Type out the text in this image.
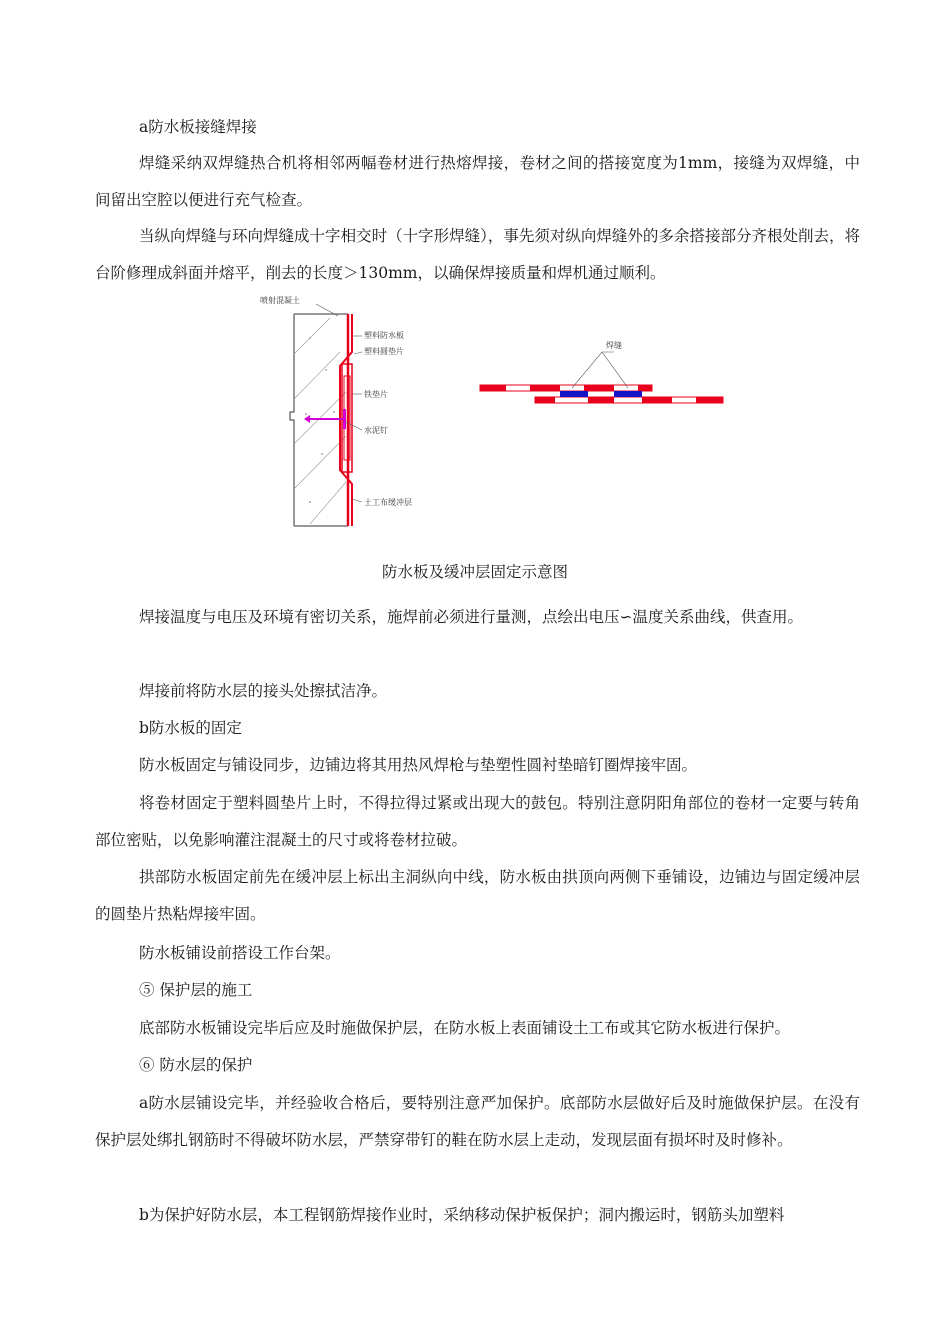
a防水板接缝焊接

焊缝采纳双焊缝热合机将相邻两幅卷材进行热熔焊接，卷材之间的搭接宽度为1mm，接缝为双焊缝，中间留出空腔以便进行充气检查。

当纵向焊缝与环向焊缝成十字相交时（十字形焊缝），事先须对纵向焊缝外的多余搭接部分齐根处削去，将台阶修理成斜面并熔平，削去的长度＞130mm，以确保焊接质量和焊机通过顺利。

喷射混凝土
塑料防水板
塑料圆垫片
铁垫片
水泥钉
土工布缓冲层
焊缝
防水板及缓冲层固定示意图

焊接温度与电压及环境有密切关系，施焊前必须进行量测，点绘出电压∽温度关系曲线，供查用。

焊接前将防水层的接头处擦拭洁净。

b防水板的固定

防水板固定与铺设同步，边铺边将其用热风焊枪与垫塑性圆衬垫暗钉圈焊接牢固。

将卷材固定于塑料圆垫片上时，不得拉得过紧或出现大的鼓包。特别注意阴阳角部位的卷材一定要与转角部位密贴，以免影响灌注混凝土的尺寸或将卷材拉破。

拱部防水板固定前先在缓冲层上标出主洞纵向中线，防水板由拱顶向两侧下垂铺设，边铺边与固定缓冲层的圆垫片热粘焊接牢固。

防水板铺设前搭设工作台架。

⑤ 保护层的施工

底部防水板铺设完毕后应及时施做保护层，在防水板上表面铺设土工布或其它防水板进行保护。

⑥ 防水层的保护

a防水层铺设完毕，并经验收合格后，要特别注意严加保护。底部防水层做好后及时施做保护层。在没有保护层处绑扎钢筋时不得破坏防水层，严禁穿带钉的鞋在防水层上走动，发现层面有损坏时及时修补。

b为保护好防水层，本工程钢筋焊接作业时，采纳移动保护板保护；洞内搬运时，钢筋头加塑料
